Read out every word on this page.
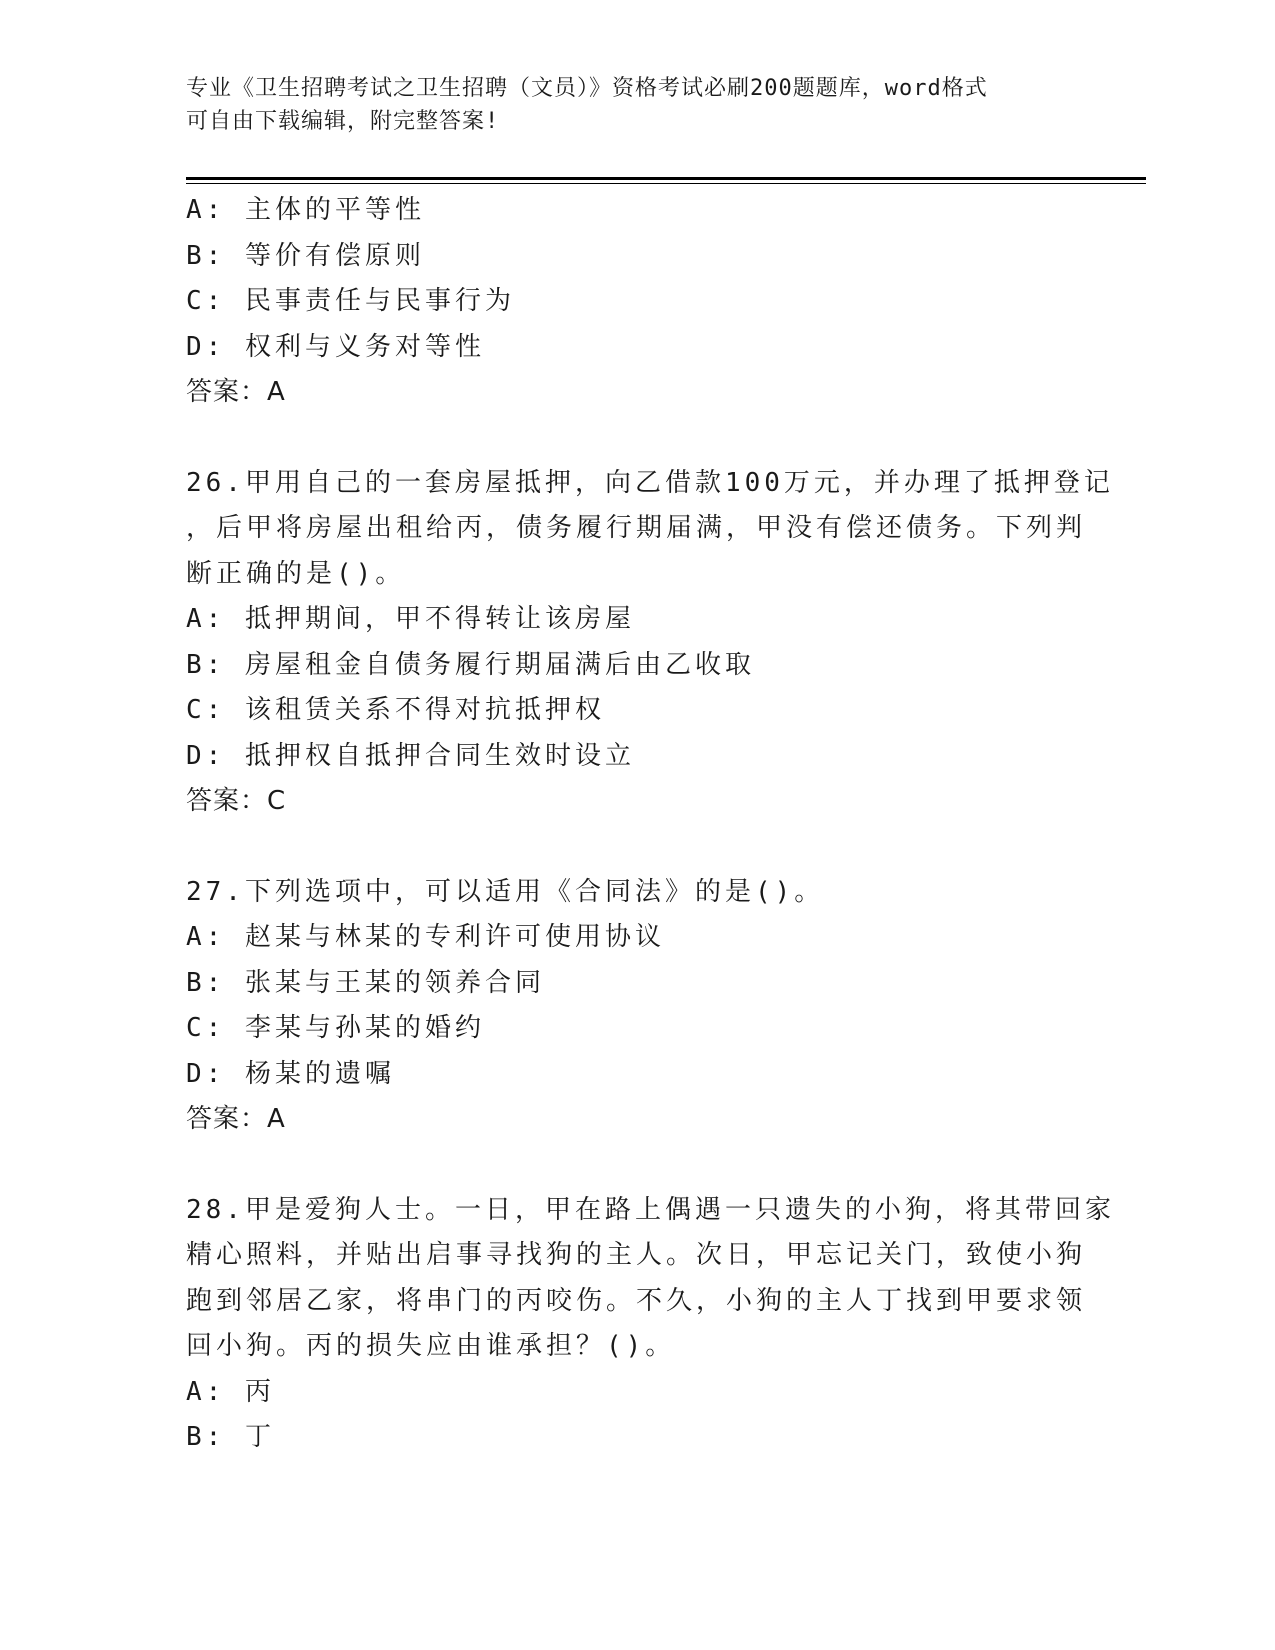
专业《卫生招聘考试之卫生招聘（文员）》资格考试必刷200题题库，word格式
可自由下载编辑，附完整答案!
A: 主体的平等性
B: 等价有偿原则
C: 民事责任与民事行为
D: 权利与义务对等性
答案：A
26.甲用自己的一套房屋抵押，向乙借款100万元，并办理了抵押登记
，后甲将房屋出租给丙，债务履行期届满，甲没有偿还债务。下列判
断正确的是()。
A: 抵押期间，甲不得转让该房屋
B: 房屋租金自债务履行期届满后由乙收取
C: 该租赁关系不得对抗抵押权
D: 抵押权自抵押合同生效时设立
答案：C
27.下列选项中，可以适用《合同法》的是()。
A: 赵某与林某的专利许可使用协议
B: 张某与王某的领养合同
C: 李某与孙某的婚约
D: 杨某的遗嘱
答案：A
28.甲是爱狗人士。一日，甲在路上偶遇一只遗失的小狗，将其带回家
精心照料，并贴出启事寻找狗的主人。次日，甲忘记关门，致使小狗
跑到邻居乙家，将串门的丙咬伤。不久，小狗的主人丁找到甲要求领
回小狗。丙的损失应由谁承担？()。
A: 丙
B: 丁
